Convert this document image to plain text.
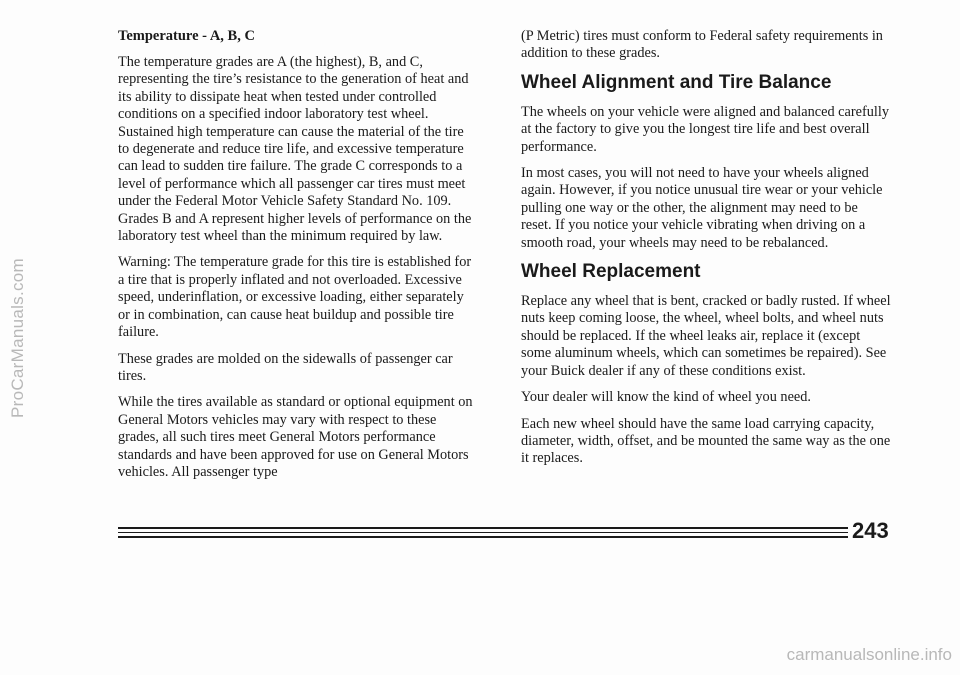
ProCarManuals.com
Temperature - A, B, C

The temperature grades are A (the highest), B, and C, representing the tire’s resistance to the generation of heat and its ability to dissipate heat when tested under controlled conditions on a specified indoor laboratory test wheel. Sustained high temperature can cause the material of the tire to degenerate and reduce tire life, and excessive temperature can lead to sudden tire failure. The grade C corresponds to a level of performance which all passenger car tires must meet under the Federal Motor Vehicle Safety Standard No. 109. Grades B and A represent higher levels of performance on the laboratory test wheel than the minimum required by law.

Warning: The temperature grade for this tire is established for a tire that is properly inflated and not overloaded. Excessive speed, underinflation, or excessive loading, either separately or in combination, can cause heat buildup and possible tire failure.

These grades are molded on the sidewalls of passenger car tires.

While the tires available as standard or optional equipment on General Motors vehicles may vary with respect to these grades, all such tires meet General Motors performance standards and have been approved for use on General Motors vehicles. All passenger type

(P Metric) tires must conform to Federal safety requirements in addition to these grades.

Wheel Alignment and Tire Balance

The wheels on your vehicle were aligned and balanced carefully at the factory to give you the longest tire life and best overall performance.

In most cases, you will not need to have your wheels aligned again. However, if you notice unusual tire wear or your vehicle pulling one way or the other, the alignment may need to be reset. If you notice your vehicle vibrating when driving on a smooth road, your wheels may need to be rebalanced.

Wheel Replacement

Replace any wheel that is bent, cracked or badly rusted. If wheel nuts keep coming loose, the wheel, wheel bolts, and wheel nuts should be replaced. If the wheel leaks air, replace it (except some aluminum wheels, which can sometimes be repaired). See your Buick dealer if any of these conditions exist.

Your dealer will know the kind of wheel you need.

Each new wheel should have the same load carrying capacity, diameter, width, offset, and be mounted the same way as the one it replaces.

243
carmanualsonline.info
